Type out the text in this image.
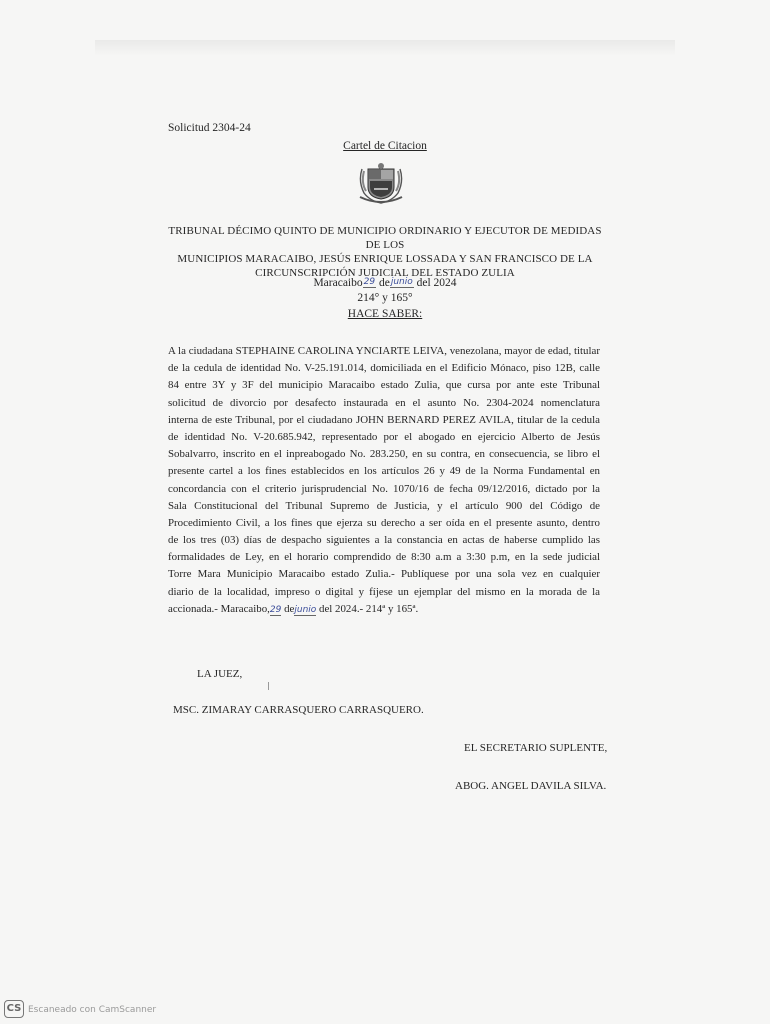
Solicitud 2304-24
Cartel de Citacion
TRIBUNAL DÉCIMO QUINTO DE MUNICIPIO ORDINARIO Y EJECUTOR DE MEDIDAS DE LOS
MUNICIPIOS MARACAIBO, JESÚS ENRIQUE LOSSADA Y SAN FRANCISCO DE LA
CIRCUNSCRIPCIÓN JUDICIAL DEL ESTADO ZULIA
Maracaibo29 dejunio del 2024
214° y 165°
HACE SABER:
A la ciudadana STEPHAINE CAROLINA YNCIARTE LEIVA, venezolana, mayor de edad, titular
de la cedula de identidad No. V-25.191.014, domiciliada en el Edificio Mónaco, piso 12B, calle
84 entre 3Y y 3F del municipio Maracaibo estado Zulia, que cursa por ante este Tribunal
solicitud de divorcio por desafecto instaurada en el asunto No. 2304-2024 nomenclatura
interna de este Tribunal, por el ciudadano JOHN BERNARD PEREZ AVILA, titular de la cedula
de identidad No. V-20.685.942, representado por el abogado en ejercicio Alberto de Jesús
Sobalvarro, inscrito en el inpreabogado No. 283.250, en su contra, en consecuencia, se libro el
presente cartel a los fines establecidos en los artículos 26 y 49 de la Norma Fundamental en
concordancia con el criterio jurisprudencial No. 1070/16 de fecha 09/12/2016, dictado por la
Sala Constitucional del Tribunal Supremo de Justicia, y el artículo 900 del Código de
Procedimiento Civil, a los fines que ejerza su derecho a ser oída en el presente asunto, dentro
de los tres (03) días de despacho siguientes a la constancia en actas de haberse cumplido las
formalidades de Ley, en el horario comprendido de 8:30 a.m a 3:30 p.m, en la sede judicial
Torre Mara Municipio Maracaibo estado Zulia.- Publíquese por una sola vez en cualquier
diario de la localidad, impreso o digital y fíjese un ejemplar del mismo en la morada de la
accionada.- Maracaibo,29 dejunio del 2024.- 214ª y 165ª.
LA JUEZ,
MSC. ZIMARAY CARRASQUERO CARRASQUERO.
EL SECRETARIO SUPLENTE,
ABOG. ANGEL DAVILA SILVA.
CS Escaneado con CamScanner
